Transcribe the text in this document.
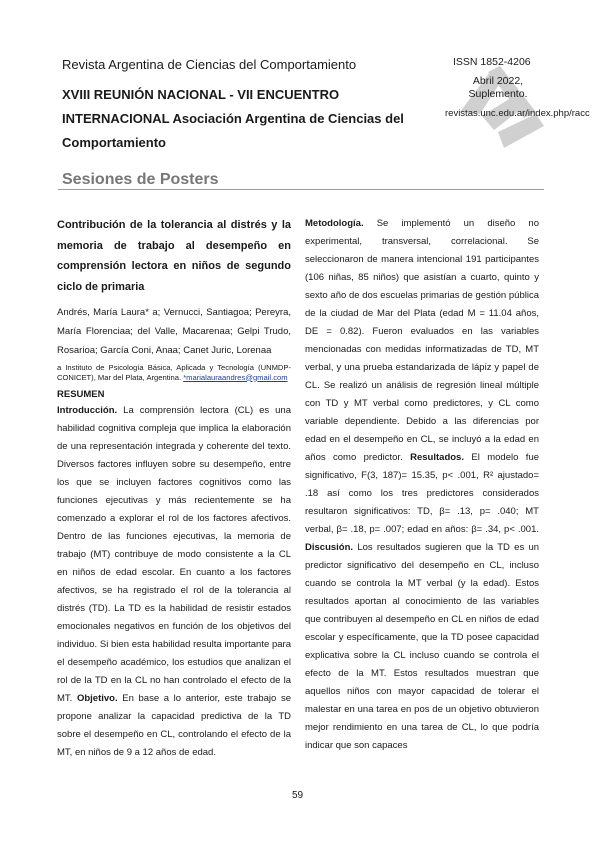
Revista Argentina de Ciencias del Comportamiento
XVIII REUNIÓN NACIONAL - VII ENCUENTRO INTERNACIONAL Asociación Argentina de Ciencias del Comportamiento
ISSN 1852-4206
Abril 2022, Suplemento.
revistas.unc.edu.ar/index.php/racc
Sesiones de Posters

Contribución de la tolerancia al distrés y la memoria de trabajo al desempeño en comprensión lectora en niños de segundo ciclo de primaria

Andrés, María Laura* a; Vernucci, Santiagoa; Pereyra, María Florenciaa; del Valle, Macarenaa; Gelpi Trudo, Rosarioa; García Coni, Anaa; Canet Juric, Lorenaa

a Instituto de Psicología Básica, Aplicada y Tecnología (UNMDP-CONICET), Mar del Plata, Argentina. *marialauraandres@gmail.com

RESUMEN

Introducción. La comprensión lectora (CL) es una habilidad cognitiva compleja que implica la elaboración de una representación integrada y coherente del texto. Diversos factores influyen sobre su desempeño, entre los que se incluyen factores cognitivos como las funciones ejecutivas y más recientemente se ha comenzado a explorar el rol de los factores afectivos. Dentro de las funciones ejecutivas, la memoria de trabajo (MT) contribuye de modo consistente a la CL en niños de edad escolar. En cuanto a los factores afectivos, se ha registrado el rol de la tolerancia al distrés (TD). La TD es la habilidad de resistir estados emocionales negativos en función de los objetivos del individuo. Si bien esta habilidad resulta importante para el desempeño académico, los estudios que analizan el rol de la TD en la CL no han controlado el efecto de la MT. Objetivo. En base a lo anterior, este trabajo se propone analizar la capacidad predictiva de la TD sobre el desempeño en CL, controlando el efecto de la MT, en niños de 9 a 12 años de edad.

Metodología. Se implementó un diseño no experimental, transversal, correlacional. Se seleccionaron de manera intencional 191 participantes (106 niñas, 85 niños) que asistían a cuarto, quinto y sexto año de dos escuelas primarias de gestión pública de la ciudad de Mar del Plata (edad M = 11.04 años, DE = 0.82). Fueron evaluados en las variables mencionadas con medidas informatizadas de TD, MT verbal, y una prueba estandarizada de lápiz y papel de CL. Se realizó un análisis de regresión lineal múltiple con TD y MT verbal como predictores, y CL como variable dependiente. Debido a las diferencias por edad en el desempeño en CL, se incluyó a la edad en años como predictor. Resultados. El modelo fue significativo, F(3, 187)= 15.35, p< .001, R² ajustado= .18 así como los tres predictores considerados resultaron significativos: TD, β= .13, p= .040; MT verbal, β= .18, p= .007; edad en años: β= .34, p< .001. Discusión. Los resultados sugieren que la TD es un predictor significativo del desempeño en CL, incluso cuando se controla la MT verbal (y la edad). Estos resultados aportan al conocimiento de las variables que contribuyen al desempeño en CL en niños de edad escolar y específicamente, que la TD posee capacidad explicativa sobre la CL incluso cuando se controla el efecto de la MT. Estos resultados muestran que aquellos niños con mayor capacidad de tolerar el malestar en una tarea en pos de un objetivo obtuvieron mejor rendimiento en una tarea de CL, lo que podría indicar que son capaces

59
